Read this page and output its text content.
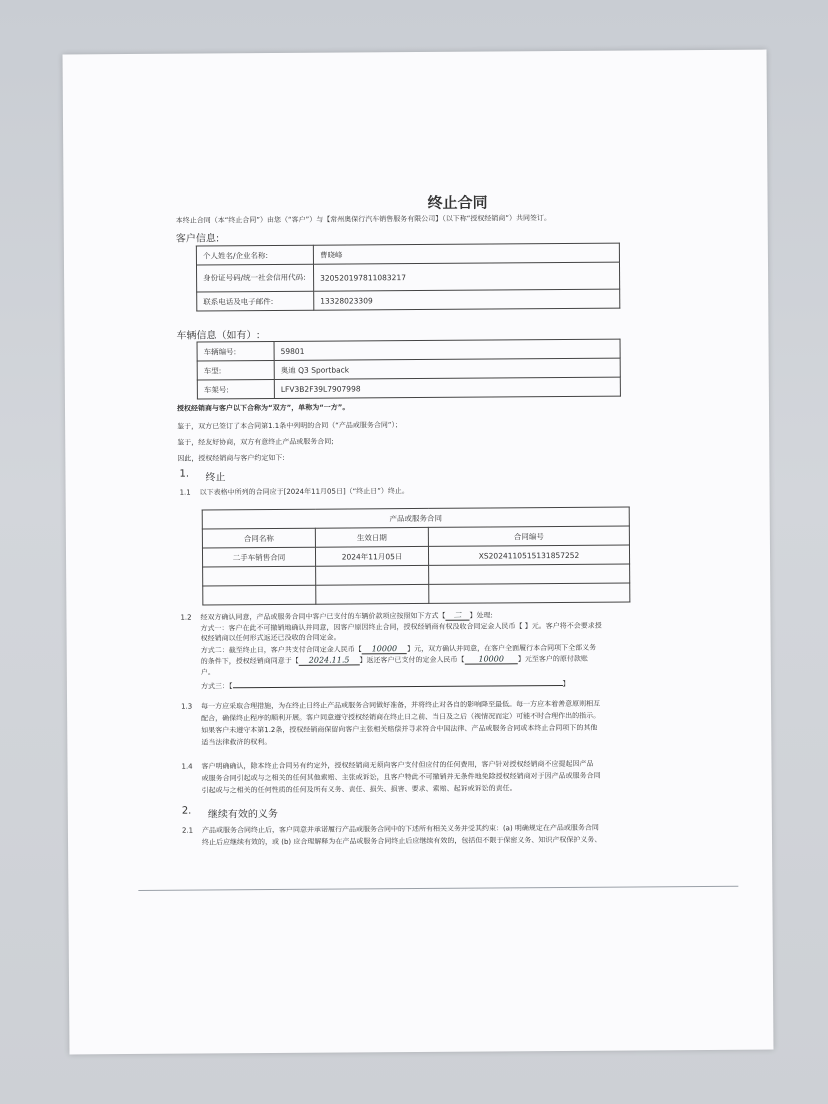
终止合同
本终止合同（本“终止合同”）由您（“客户”）与【常州奥保行汽车销售服务有限公司】（以下称“授权经销商”）共同签订。
客户信息:
个人姓名/企业名称:	曹晓峰
身份证号码/统一社会信用代码:	320520197811083217
联系电话及电子邮件:	13328023309
车辆信息（如有）:
车辆编号:	59801
车型:	奥迪 Q3 Sportback
车架号:	LFV3B2F39L7907998
授权经销商与客户以下合称为“双方”，单称为“一方”。
鉴于，双方已签订了本合同第1.1条中列明的合同（“产品或服务合同”）；
鉴于，经友好协商，双方有意终止产品或服务合同;
因此，授权经销商与客户约定如下:
1. 终止
1.1 以下表格中所列的合同应于[2024年11月05日]（“终止日”）终止。
产品或服务合同		
合同名称	生效日期	合同编号
二手车销售合同	2024年11月05日	XS2024110515131857252

1.2 经双方确认同意，产品或服务合同中客户已支付的车辆价款项应按照如下方式【 二 】处理:
方式一：客户在此不可撤销地确认并同意，因客户原因终止合同，授权经销商有权没收合同定金人民币【 】元。客户将不会要求授
权经销商以任何形式返还已没收的合同定金。
方式二：截至终止日，客户共支付合同定金人民币【 10000 】元，双方确认并同意，在客户全面履行本合同项下全部义务
的条件下，授权经销商同意于【 2024.11.5 】返还客户已支付的定金人民币【 10000 】元至客户的原付款账
户。
方式三：【	】
1.3 每一方应采取合理措施，为在终止日终止产品或服务合同做好准备，并将终止对各自的影响降至最低。每一方应本着善意原则相互
配合，确保终止程序的顺利开展。客户同意遵守授权经销商在终止日之前、当日及之后（视情况而定）可能不时合理作出的指示。
如果客户未遵守本第1.2条，授权经销商保留向客户主张相关赔偿并寻求符合中国法律、产品或服务合同或本终止合同项下的其他
适当法律救济的权利。
1.4 客户明确确认，除本终止合同另有约定外，授权经销商无须向客户支付但应付的任何费用，客户针对授权经销商不应提起因产品
或服务合同引起或与之相关的任何其他索赔、主张或诉讼，且客户特此不可撤销并无条件地免除授权经销商对于因产品或服务合同
引起或与之相关的任何性质的任何及所有义务、责任、损失、损害、要求、索赔、起诉或诉讼的责任。
2. 继续有效的义务
2.1 产品或服务合同终止后，客户同意并承诺履行产品或服务合同中的下述所有相关义务并受其约束：(a) 明确规定在产品或服务合同
终止后应继续有效的，或 (b) 应合理解释为在产品或服务合同终止后应继续有效的，包括但不限于保密义务、知识产权保护义务、
